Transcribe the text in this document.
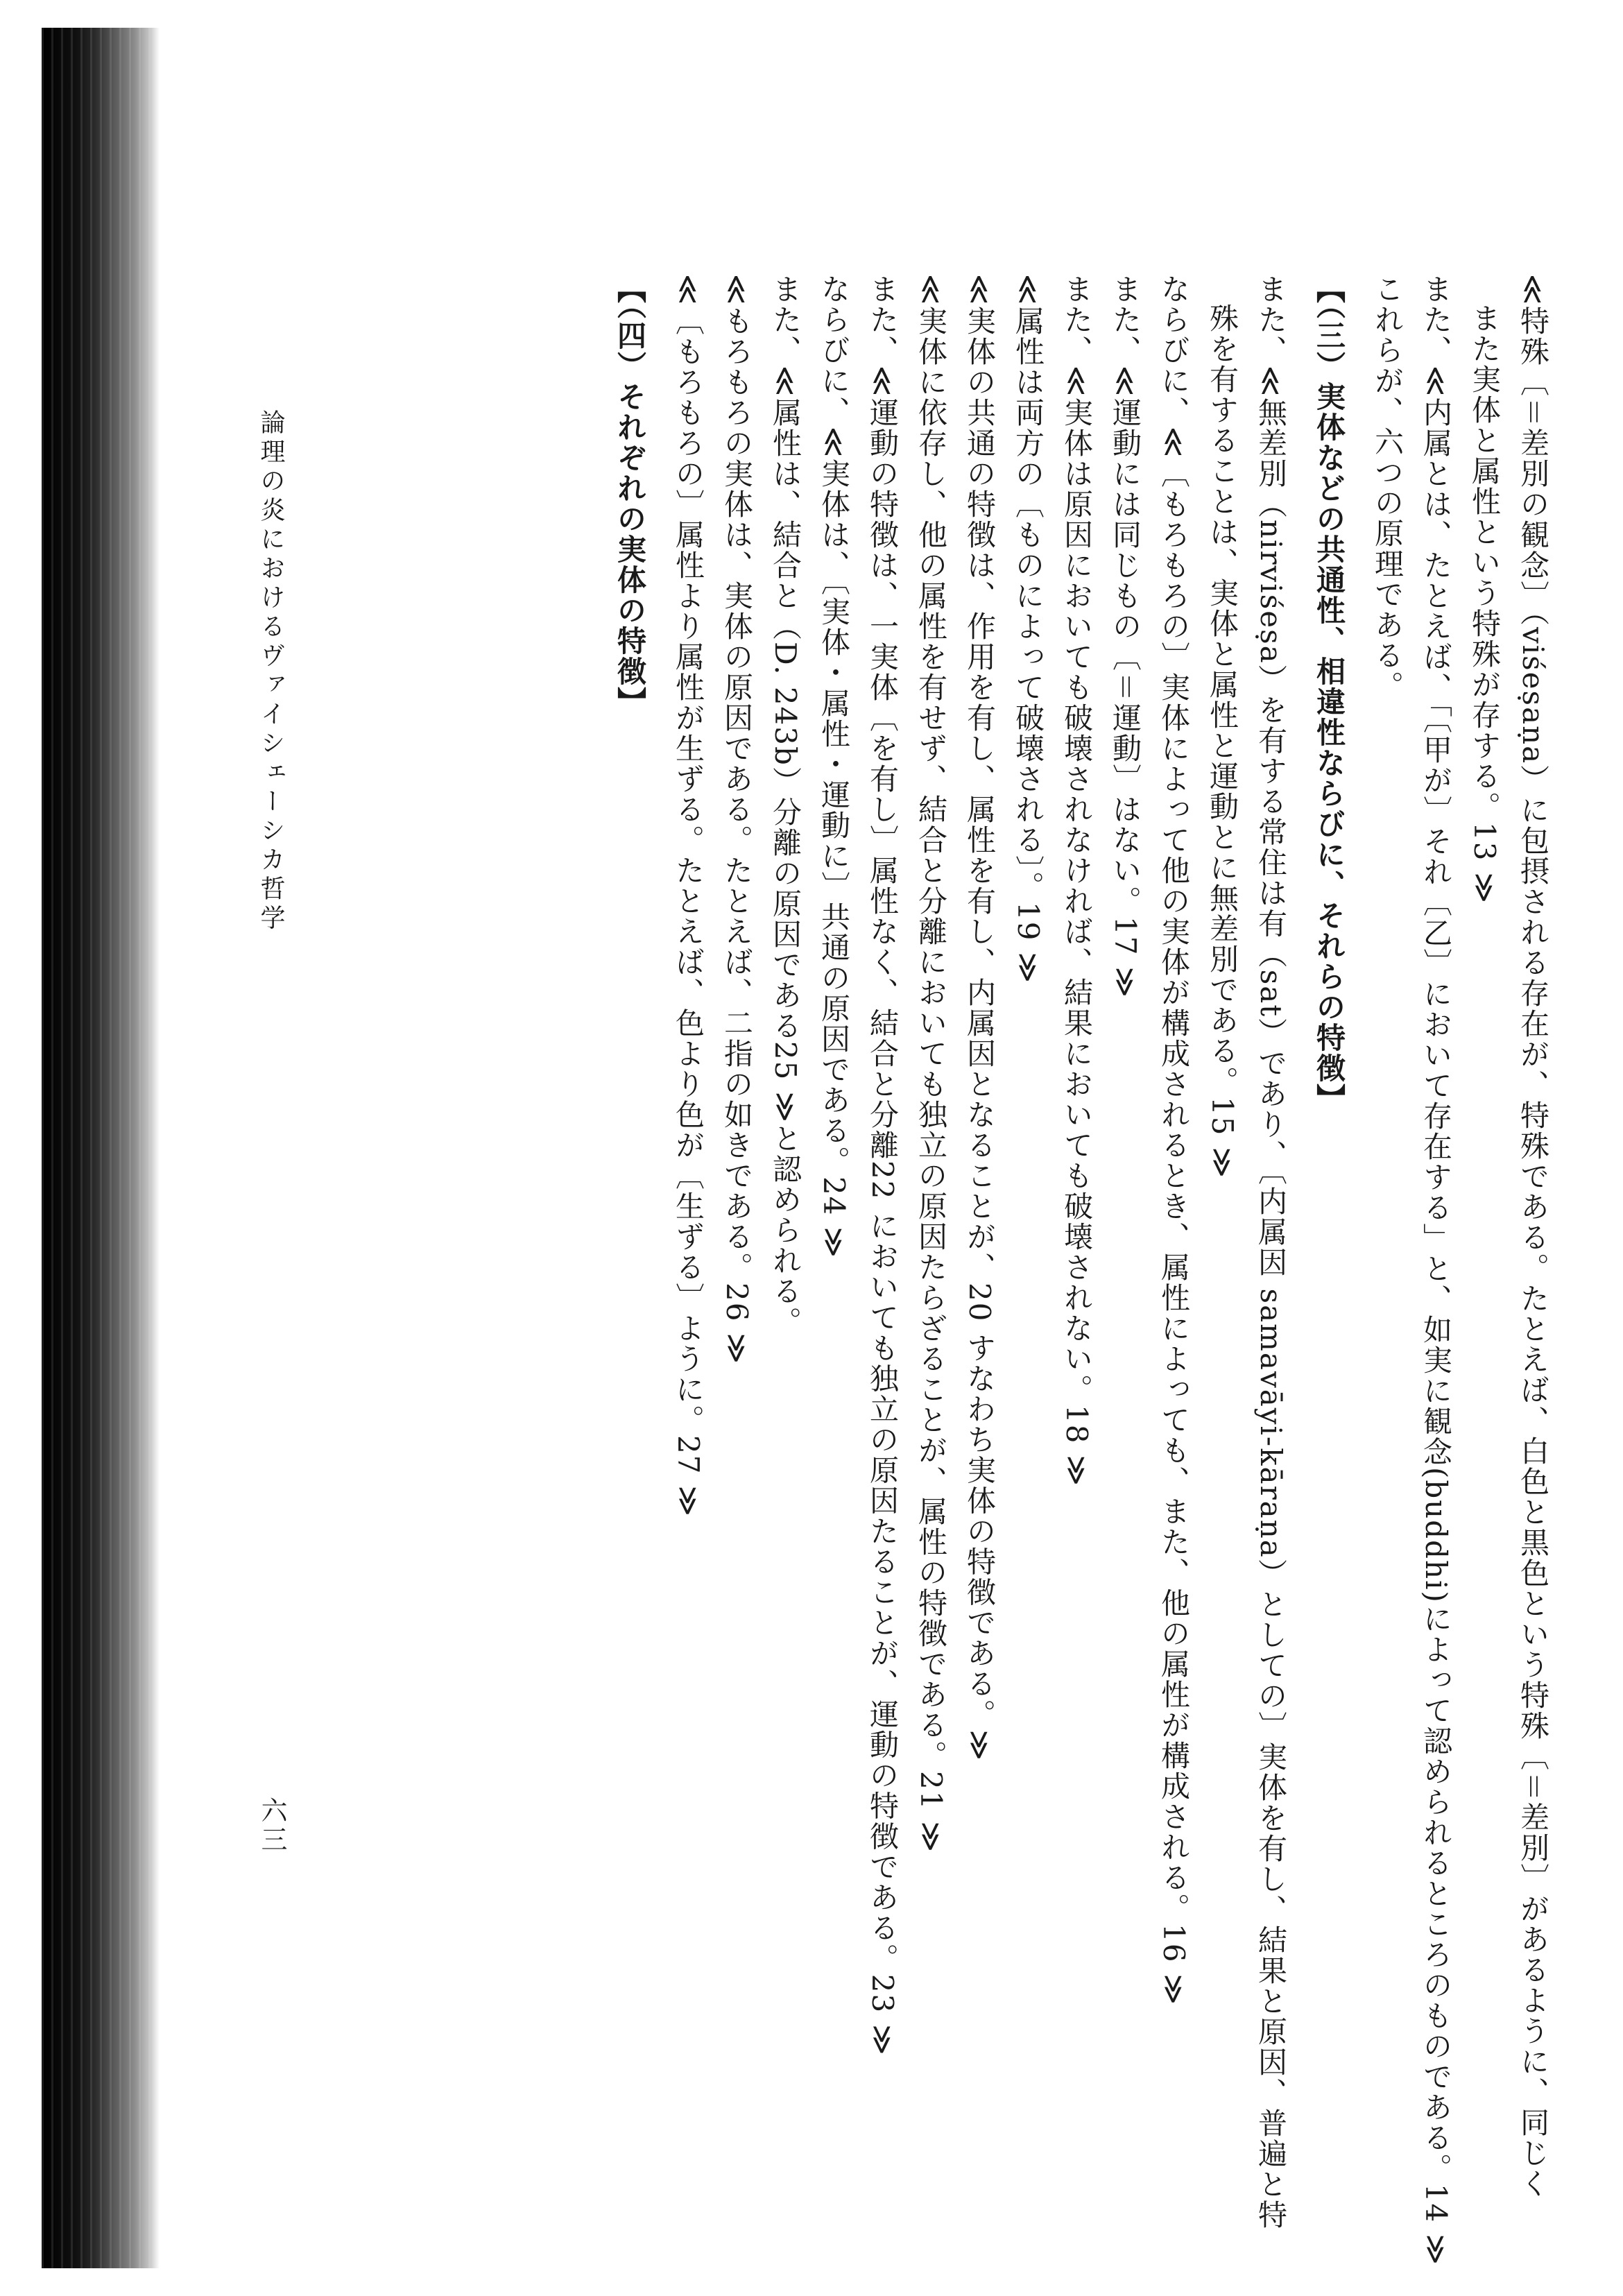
≪特殊〔＝差別の観念〕（viśeṣaṇa）に包摂される存在が、特殊である。たとえば、白色と黒色という特殊〔＝差別〕があるように、同じく
また実体と属性という特殊が存する。13 ≫
また、≪内属とは、たとえば、「〔甲が〕それ〔乙〕において存在する」と、如実に観念(buddhi)によって認められるところのものである。14 ≫
これらが、六つの原理である。
【（三）実体などの共通性、相違性ならびに、それらの特徴】
また、≪無差別（nirviśeṣa）を有する常住は有（sat）であり、〔内属因 samavāyi-kāraṇa）としての〕実体を有し、結果と原因、普遍と特
殊を有することは、実体と属性と運動とに無差別である。15 ≫
ならびに、≪〔もろもろの〕実体によって他の実体が構成されるとき、属性によっても、また、他の属性が構成される。16 ≫
また、≪運動には同じもの〔＝運動〕はない。17 ≫
また、≪実体は原因においても破壊されなければ、結果においても破壊されない。18 ≫
≪属性は両方の〔ものによって破壊される〕。19 ≫
≪実体の共通の特徴は、作用を有し、属性を有し、内属因となることが、20 すなわち実体の特徴である。≫
≪実体に依存し、他の属性を有せず、結合と分離においても独立の原因たらざることが、属性の特徴である。21 ≫
また、≪運動の特徴は、一実体〔を有し〕属性なく、結合と分離22 においても独立の原因たることが、運動の特徴である。23 ≫
ならびに、≪実体は、〔実体・属性・運動に〕共通の原因である。24 ≫
また、≪属性は、結合と（D. 243b）分離の原因である25 ≫と認められる。
≪もろもろの実体は、実体の原因である。たとえば、二指の如きである。26 ≫
≪〔もろもろの〕属性より属性が生ずる。たとえば、色より色が〔生ずる〕ように。27 ≫
【（四）それぞれの実体の特徴】
論理の炎におけるヴァイシェーシカ哲学
六三
